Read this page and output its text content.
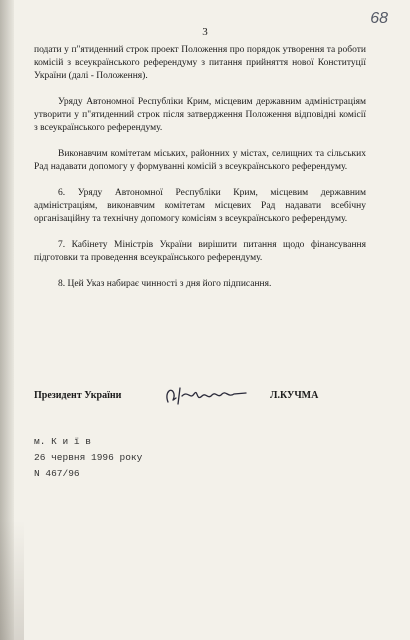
3
68

подати у п"ятиденний строк проект Положення про порядок утворення та роботи комісій з всеукраїнського референдуму з питання прийняття нової Конституції України (далі - Положення).

Уряду Автономної Республіки Крим, місцевим державним адміністраціям утворити у п"ятиденний строк після затвердження Положення відповідні комісії з всеукраїнського референдуму.

Виконавчим комітетам міських, районних у містах, селищних та сільських Рад надавати допомогу у формуванні комісій з всеукраїнського референдуму.

6. Уряду Автономної Республіки Крим, місцевим державним адміністраціям, виконавчим комітетам місцевих Рад надавати всебічну організаційну та технічну допомогу комісіям з всеукраїнського референдуму.

7. Кабінету Міністрів України вирішити питання щодо фінансування підготовки та проведення всеукраїнського референдуму.

8. Цей Указ набирає чинності з дня його підписання.

Президент України	Л.КУЧМА
м. К и ї в
26 червня 1996 року
N 467/96
